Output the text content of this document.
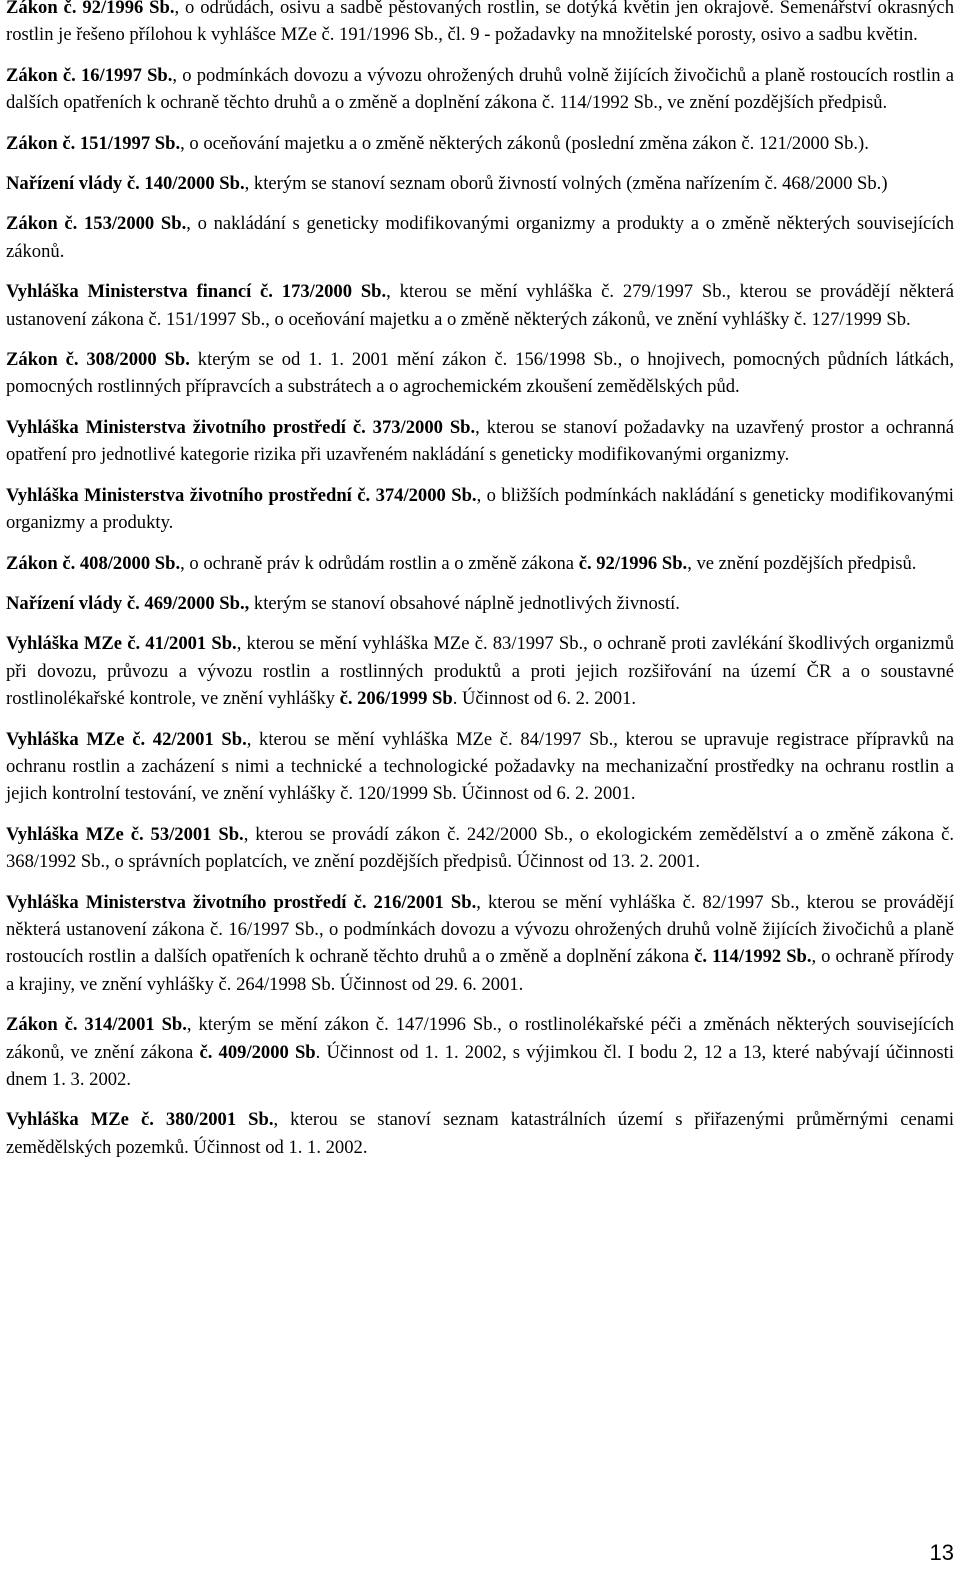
Zákon č. 92/1996 Sb., o odrůdách, osivu a sadbě pěstovaných rostlin, se dotýká květin jen okrajově. Semenářství okrasných rostlin je řešeno přílohou k vyhlášce MZe č. 191/1996 Sb., čl. 9 - požadavky na množitelské porosty, osivo a sadbu květin.

Zákon č. 16/1997 Sb., o podmínkách dovozu a vývozu ohrožených druhů volně žijících živočichů a planě rostoucích rostlin a dalších opatřeních k ochraně těchto druhů a o změně a doplnění zákona č. 114/1992 Sb., ve znění pozdějších předpisů.

Zákon č. 151/1997 Sb., o oceňování majetku a o změně některých zákonů (poslední změna zákon č. 121/2000 Sb.).

Nařízení vlády č. 140/2000 Sb., kterým se stanoví seznam oborů živností volných (změna nařízením č. 468/2000 Sb.)

Zákon č. 153/2000 Sb., o nakládání s geneticky modifikovanými organizmy a produkty a o změně některých souvisejících zákonů.

Vyhláška Ministerstva financí č. 173/2000 Sb., kterou se mění vyhláška č. 279/1997 Sb., kterou se provádějí některá ustanovení zákona č. 151/1997 Sb., o oceňování majetku a o změně některých zákonů, ve znění vyhlášky č. 127/1999 Sb.

Zákon č. 308/2000 Sb. kterým se od 1. 1. 2001 mění zákon č. 156/1998 Sb., o hnojivech, pomocných půdních látkách, pomocných rostlinných přípravcích a substrátech a o agrochemickém zkoušení zemědělských půd.

Vyhláška Ministerstva životního prostředí č. 373/2000 Sb., kterou se stanoví požadavky na uzavřený prostor a ochranná opatření pro jednotlivé kategorie rizika při uzavřeném nakládání s geneticky modifikovanými organizmy.

Vyhláška Ministerstva životního prostřední č. 374/2000 Sb., o bližších podmínkách nakládání s geneticky modifikovanými organizmy a produkty.

Zákon č. 408/2000 Sb., o ochraně práv k odrůdám rostlin a o změně zákona č. 92/1996 Sb., ve znění pozdějších předpisů.

Nařízení vlády č. 469/2000 Sb., kterým se stanoví obsahové náplně jednotlivých živností.

Vyhláška MZe č. 41/2001 Sb., kterou se mění vyhláška MZe č. 83/1997 Sb., o ochraně proti zavlékání škodlivých organizmů při dovozu, průvozu a vývozu rostlin a rostlinných produktů a proti jejich rozšiřování na území ČR a o soustavné rostlinolékařské kontrole, ve znění vyhlášky č. 206/1999 Sb. Účinnost od 6. 2. 2001.

Vyhláška MZe č. 42/2001 Sb., kterou se mění vyhláška MZe č. 84/1997 Sb., kterou se upravuje registrace přípravků na ochranu rostlin a zacházení s nimi a technické a technologické požadavky na mechanizační prostředky na ochranu rostlin a jejich kontrolní testování, ve znění vyhlášky č. 120/1999 Sb. Účinnost od 6. 2. 2001.

Vyhláška MZe č. 53/2001 Sb., kterou se provádí zákon č. 242/2000 Sb., o ekologickém zemědělství a o změně zákona č. 368/1992 Sb., o správních poplatcích, ve znění pozdějších předpisů. Účinnost od 13. 2. 2001.

Vyhláška Ministerstva životního prostředí č. 216/2001 Sb., kterou se mění vyhláška č. 82/1997 Sb., kterou se provádějí některá ustanovení zákona č. 16/1997 Sb., o podmínkách dovozu a vývozu ohrožených druhů volně žijících živočichů a planě rostoucích rostlin a dalších opatřeních k ochraně těchto druhů a o změně a doplnění zákona č. 114/1992 Sb., o ochraně přírody a krajiny, ve znění vyhlášky č. 264/1998 Sb. Účinnost od 29. 6. 2001.

Zákon č. 314/2001 Sb., kterým se mění zákon č. 147/1996 Sb., o rostlinolékařské péči a změnách některých souvisejících zákonů, ve znění zákona č. 409/2000 Sb. Účinnost od 1. 1. 2002, s výjimkou čl. I bodu 2, 12 a 13, které nabývají účinnosti dnem 1. 3. 2002.

Vyhláška MZe č. 380/2001 Sb., kterou se stanoví seznam katastrálních území s přiřazenými průměrnými cenami zemědělských pozemků. Účinnost od 1. 1. 2002.

13
